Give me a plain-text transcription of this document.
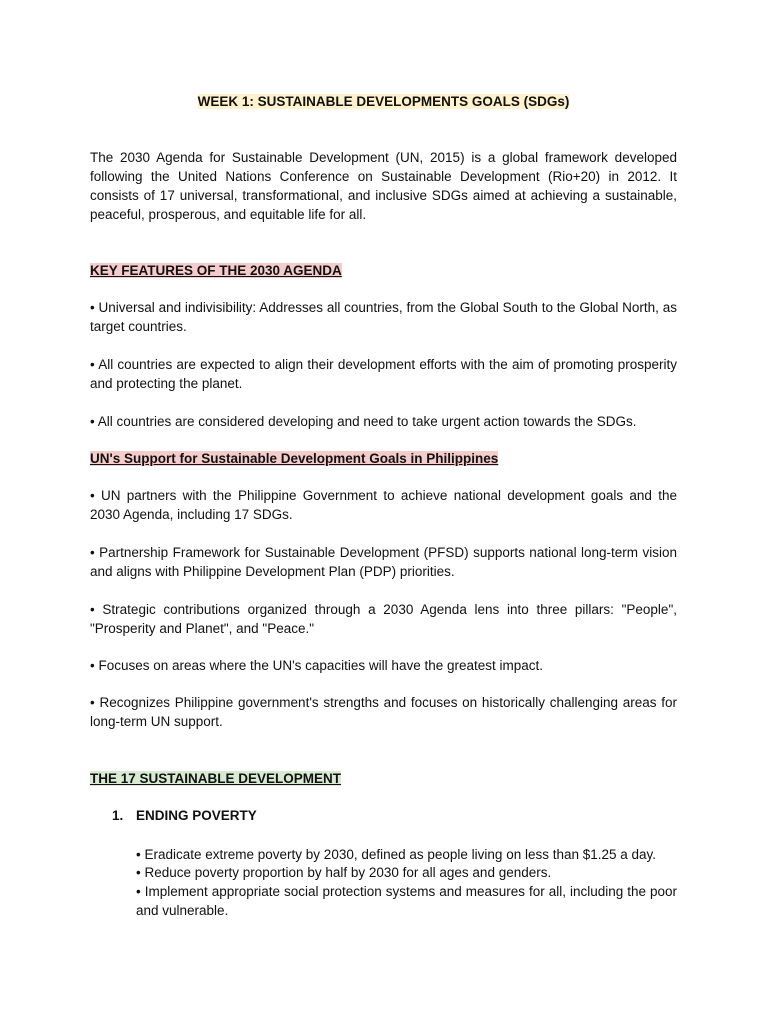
WEEK 1: SUSTAINABLE DEVELOPMENTS GOALS (SDGs)

The 2030 Agenda for Sustainable Development (UN, 2015) is a global framework developed following the United Nations Conference on Sustainable Development (Rio+20) in 2012. It consists of 17 universal, transformational, and inclusive SDGs aimed at achieving a sustainable, peaceful, prosperous, and equitable life for all.

KEY FEATURES OF THE 2030 AGENDA

• Universal and indivisibility: Addresses all countries, from the Global South to the Global North, as target countries.

• All countries are expected to align their development efforts with the aim of promoting prosperity and protecting the planet.

• All countries are considered developing and need to take urgent action towards the SDGs.

UN's Support for Sustainable Development Goals in Philippines

• UN partners with the Philippine Government to achieve national development goals and the 2030 Agenda, including 17 SDGs.

• Partnership Framework for Sustainable Development (PFSD) supports national long-term vision and aligns with Philippine Development Plan (PDP) priorities.

• Strategic contributions organized through a 2030 Agenda lens into three pillars: "People", "Prosperity and Planet", and "Peace."

• Focuses on areas where the UN's capacities will have the greatest impact.

• Recognizes Philippine government's strengths and focuses on historically challenging areas for long-term UN support.

THE 17 SUSTAINABLE DEVELOPMENT
1. ENDING POVERTY

• Eradicate extreme poverty by 2030, defined as people living on less than $1.25 a day.

• Reduce poverty proportion by half by 2030 for all ages and genders.

• Implement appropriate social protection systems and measures for all, including the poor and vulnerable.
